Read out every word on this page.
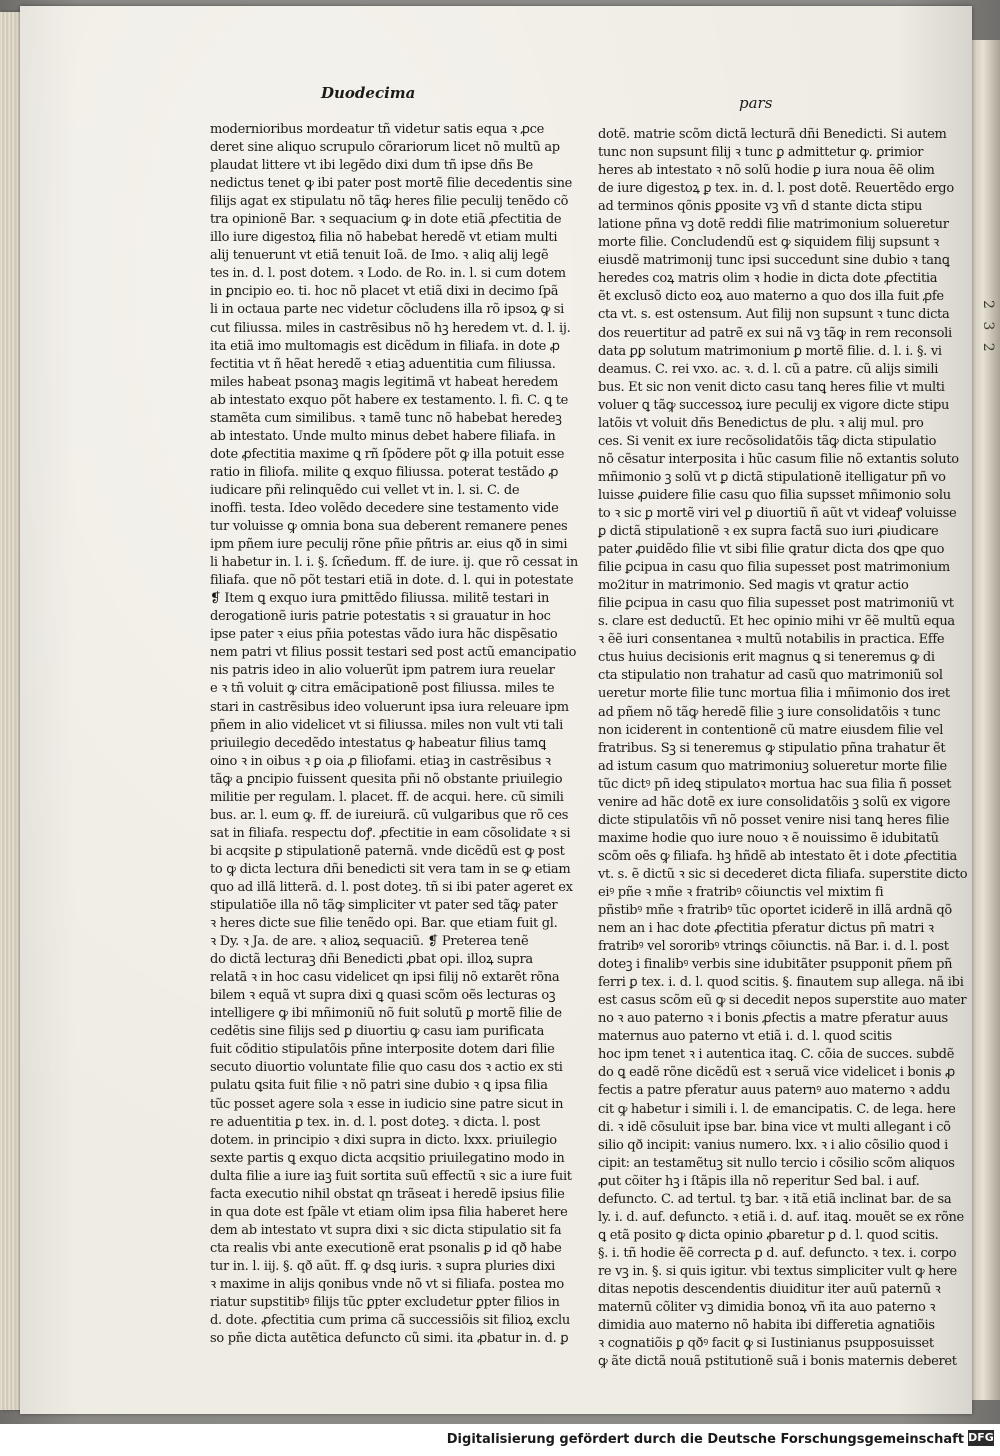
2 3 2
Duodecima
pars
modernioribus mordeatur tñ videtur satis equa ꝛ ꝓce
deret sine aliquo scrupulo cõrariorum licet nõ multũ ap
plaudat littere vt ibi legẽdo dixi dum tñ ipse dñs Be
nedictus tenet ꝙ ibi pater post mortẽ filie decedentis sine
filijs agat ex stipulatu nõ tãꝙ heres filie peculij tenẽdo cõ
tra opinionẽ Bar. ꝛ sequacium ꝙ in dote etiã ꝓfectitia de
illo iure digestoꝝ filia nõ habebat heredẽ vt etiam multi
alij tenuerunt vt etiã tenuit Ioã. de Imo. ꝛ aliq alij legẽ
tes in. d. l. post dotem. ꝛ Lodo. de Ro. in. l. si cum dotem
in ꝑncipio eo. ti. hoc nõ placet vt etiã dixi in decimo ſpã
li in octaua parte nec videtur cõcludens illa rõ ipsoꝝ ꝙ si
cut filiussa. miles in castrẽsibus nõ hꝫ heredem vt. d. l. ij.
ita etiã imo multomagis est dicẽdum in filiafa. in dote ꝓ
fectitia vt ñ hẽat heredẽ ꝛ etiaꝫ aduentitia cum filiussa.
miles habeat psonaꝫ magis legitimã vt habeat heredem
ab intestato exquo põt habere ex testamento. l. fi. C. ꝗ te
stamẽta cum similibus. ꝛ tamẽ tunc nõ habebat heredeꝫ
ab intestato. Unde multo minus debet habere filiafa. in
dote ꝓfectitia maxime ꝗ rñ ſpõdere põt ꝙ illa potuit esse
ratio in filiofa. milite ꝗ exquo filiussa. poterat testãdo ꝓ
iudicare pñi relinquẽdo cui vellet vt in. l. si. C. de
inoffi. testa. Ideo volẽdo decedere sine testamento vide
tur voluisse ꝙ omnia bona sua deberent remanere penes
ipm pñem iure peculij rõne pñie pñtris ar. eius qð in simi
li habetur in. l. i. §. ſcñedum. ff. de iure. ij. que rõ cessat in
filiafa. que nõ põt testari etiã in dote. d. l. qui in potestate
❡ Item ꝗ exquo iura ꝑmittẽdo filiussa. militẽ testari in
derogationẽ iuris patrie potestatis ꝛ si grauatur in hoc
ipse pater ꝛ eius pñia potestas vãdo iura hãc dispẽsatio
nem patri vt filius possit testari sed post actũ emancipatio
nis patris ideo in alio voluerũt ipm patrem iura reuelar
e ꝛ tñ voluit ꝙ citra emãcipationẽ post filiussa. miles te
stari in castrẽsibus ideo voluerunt ipsa iura releuare ipm
pñem in alio videlicet vt si filiussa. miles non vult vti tali
priuilegio decedẽdo intestatus ꝙ habeatur filius tamꝗ
oino ꝛ in oibus ꝛ ꝑ oia ꝓ filiofami. etiaꝫ in castrẽsibus ꝛ
tãꝙ a ꝑncipio fuissent quesita pñi nõ obstante priuilegio
militie per regulam. l. placet. ff. de acqui. here. cũ simili
bus. ar. l. eum ꝙ. ff. de iureiurã. cũ vulgaribus que rõ ces
sat in filiafa. respectu doꝭ. ꝓfectitie in eam cõsolidate ꝛ si
bi acqsite ꝑ stipulationẽ paternã. vnde dicẽdũ est ꝙ post
to ꝙ dicta lectura dñi benedicti sit vera tam in se ꝙ etiam
quo ad illã litterã. d. l. post doteꝫ. tñ si ibi pater ageret ex
stipulatiõe illa nõ tãꝙ simpliciter vt pater sed tãꝙ pater
ꝛ heres dicte sue filie tenẽdo opi. Bar. que etiam fuit gl.
ꝛ Dy. ꝛ Ja. de are. ꝛ alioꝝ sequaciũ. ❡ Preterea tenẽ
do dictã lecturaꝫ dñi Benedicti ꝓbat opi. illoꝝ supra
relatã ꝛ in hoc casu videlicet qn ipsi filij nõ extarẽt rõna
bilem ꝛ equã vt supra dixi ꝗ quasi scõm oẽs lecturas oꝫ
intelligere ꝙ ibi mñimoniũ nõ fuit solutũ ꝑ mortẽ filie de
cedẽtis sine filijs sed ꝑ diuortiu ꝙ casu iam purificata
fuit cõditio stipulatõis pñne interposite dotem dari filie
secuto diuortio voluntate filie quo casu dos ꝛ actio ex sti
pulatu ꝗsita fuit filie ꝛ nõ patri sine dubio ꝛ ꝗ ipsa filia
tũc posset agere sola ꝛ esse in iudicio sine patre sicut in
re aduentitia ꝑ tex. in. d. l. post doteꝫ. ꝛ dicta. l. post
dotem. in principio ꝛ dixi supra in dicto. lxxx. priuilegio
sexte partis ꝗ exquo dicta acqsitio priuilegatino modo in
dulta filie a iure iaꝫ fuit sortita suũ effectũ ꝛ sic a iure fuit
facta executio nihil obstat qn trãseat i heredẽ ipsius filie
in qua dote est ſpãle vt etiam olim ipsa filia haberet here
dem ab intestato vt supra dixi ꝛ sic dicta stipulatio sit fa
cta realis vbi ante executionẽ erat psonalis ꝑ id qð habe
tur in. l. iij. §. qð aũt. ff. ꝙ dsꝗ iuris. ꝛ supra pluries dixi
ꝛ maxime in alijs qonibus vnde nõ vt si filiafa. postea mo
riatur supstitibꝰ filijs tũc ꝑpter excludetur ꝑpter filios in
d. dote. ꝓfectitia cum prima cã successiõis sit filioꝝ exclu
so pñe dicta autẽtica defuncto cũ simi. ita ꝓbatur in. d. ꝑ
dotẽ. matrie scõm dictã lecturã dñi Benedicti. Si autem
tunc non supsunt filij ꝛ tunc ꝑ admittetur ꝙ. ꝑrimior
heres ab intestato ꝛ nõ solũ hodie ꝑ iura noua ẽẽ olim
de iure digestoꝝ ꝑ tex. in. d. l. post dotẽ. Reuertẽdo ergo
ad terminos qõnis ꝑposite vꝫ vñ d stante dicta stipu
latione pñna vꝫ dotẽ reddi filie matrimonium solueretur
morte filie. Concludendũ est ꝙ siquidem filij supsunt ꝛ
eiusdẽ matrimonij tunc ipsi succedunt sine dubio ꝛ tanꝗ
heredes coꝝ matris olim ꝛ hodie in dicta dote ꝓfectitia
ẽt exclusõ dicto eoꝝ auo materno a quo dos illa fuit ꝓfe
cta vt. s. est ostensum. Aut filij non supsunt ꝛ tunc dicta
dos reuertitur ad patrẽ ex sui nã vꝫ tãꝙ in rem reconsoli
data ꝑꝑ solutum matrimonium ꝑ mortẽ filie. d. l. i. §. vi
deamus. C. rei vxo. ac. ꝛ. d. l. cũ a patre. cũ alijs simili
bus. Et sic non venit dicto casu tanꝗ heres filie vt multi
voluer ꝗ tãꝙ successoꝝ iure peculij ex vigore dicte stipu
latõis vt voluit dñs Benedictus de plu. ꝛ alij mul. pro
ces. Si venit ex iure recõsolidatõis tãꝙ dicta stipulatio
nõ cẽsatur interposita i hũc casum filie nõ extantis soluto
mñimonio ꝫ solũ vt ꝑ dictã stipulationẽ itelligatur pñ vo
luisse ꝓuidere filie casu quo filia supsset mñimonio solu
to ꝛ sic ꝑ mortẽ viri vel ꝑ diuortiũ ñ aũt vt videaꝭ voluisse
ꝑ dictã stipulationẽ ꝛ ex supra factã suo iuri ꝓiudicare
pater ꝓuidẽdo filie vt sibi filie ꝗratur dicta dos ꝗpe quo
filie ꝑcipua in casu quo filia supesset post matrimonium
mo2itur in matrimonio. Sed magis vt ꝗratur actio
filie ꝑcipua in casu quo filia supesset post matrimoniũ vt
s. clare est deductũ. Et hec opinio mihi vr ẽẽ multũ equa
ꝛ ẽẽ iuri consentanea ꝛ multũ notabilis in practica. Effe
ctus huius decisionis erit magnus ꝗ si teneremus ꝙ di
cta stipulatio non trahatur ad casũ quo matrimoniũ sol
ueretur morte filie tunc mortua filia i mñimonio dos iret
ad pñem nõ tãꝙ heredẽ filie ꝫ iure consolidatõis ꝛ tunc
non iciderent in contentionẽ cũ matre eiusdem filie vel
fratribus. Sꝫ si teneremus ꝙ stipulatio pñna trahatur ẽt
ad istum casum quo matrimoniuꝫ solueretur morte filie
tũc dictꝰ pñ ideꝗ stipulatoꝛ mortua hac sua filia ñ posset
venire ad hãc dotẽ ex iure consolidatõis ꝫ solũ ex vigore
dicte stipulatõis vñ nõ posset venire nisi tanꝗ heres filie
maxime hodie quo iure nouo ꝛ ẽ nouissimo ẽ idubitatũ
scõm oẽs ꝙ filiafa. hꝫ hñdẽ ab intestato ẽt i dote ꝓfectitia
vt. s. ẽ dictũ ꝛ sic si decederet dicta filiafa. superstite dicto
eiꝰ pñe ꝛ mñe ꝛ fratribꝰ cõiunctis vel mixtim fi
pñstibꝰ mñe ꝛ fratribꝰ tũc oportet iciderẽ in illã ardnã qõ
nem an i hac dote ꝓfectitia pferatur dictus pñ matri ꝛ
fratribꝰ vel sororibꝰ vtrinꝗs cõiunctis. nã Bar. i. d. l. post
doteꝫ i finalibꝰ verbis sine idubitãter psupponit pñem pñ
ferri ꝑ tex. i. d. l. quod scitis. §. finautem sup allega. nã ibi
est casus scõm eũ ꝙ si decedit nepos superstite auo mater
no ꝛ auo paterno ꝛ i bonis ꝓfectis a matre pferatur auus
maternus auo paterno vt etiã i. d. l. quod scitis
hoc ipm tenet ꝛ i autentica itaꝗ. C. cõia de succes. subdẽ
do ꝗ eadẽ rõne dicẽdũ est ꝛ seruã vice videlicet i bonis ꝓ
fectis a patre pferatur auus paternꝰ auo materno ꝛ addu
cit ꝙ habetur i simili i. l. de emancipatis. C. de lega. here
di. ꝛ idẽ cõsuluit ipse bar. bina vice vt multi allegant i cõ
silio qð incipit: vanius numero. lxx. ꝛ i alio cõsilio quod i
cipit: an testamẽtuꝫ sit nullo tercio i cõsilio scõm aliquos
ꝓut cõiter hꝫ i ſtãpis illa nõ reperitur Sed bal. i auf.
defuncto. C. ad tertul. tꝫ bar. ꝛ itã etiã inclinat bar. de sa
ly. i. d. auf. defuncto. ꝛ etiã i. d. auf. itaꝗ. mouẽt se ex rõne
ꝗ etã posito ꝙ dicta opinio ꝓbaretur ꝑ d. l. quod scitis.
§. i. tñ hodie ẽẽ correcta ꝑ d. auf. defuncto. ꝛ tex. i. corpo
re vꝫ in. §. si quis igitur. vbi textus simpliciter vult ꝙ here
ditas nepotis descendentis diuiditur iter auũ paternũ ꝛ
maternũ cõliter vꝫ dimidia bonoꝝ vñ ita auo paterno ꝛ
dimidia auo materno nõ habita ibi differetia agnatiõis
ꝛ cognatiõis ꝑ qðꝰ facit ꝙ si Iustinianus psupposuisset
ꝙ ãte dictã nouã pstitutionẽ suã i bonis maternis deberet
Digitalisierung gefördert durch die Deutsche Forschungsgemeinschaft DFG
